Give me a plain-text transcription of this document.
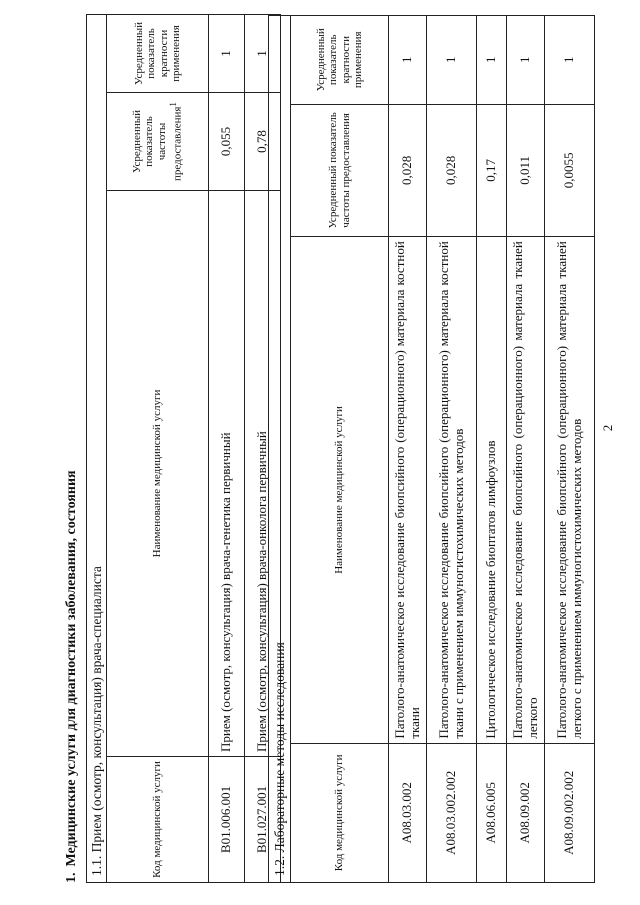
2
1.Медицинские услуги для диагностики заболевания, состояния 1.1. Прием (осмотр, консультация) врача-специалиста			
Код медицинской услуги	Наименование медицинской услуги	Усредненный показатель частоты предоставления$^1$	Усредненный показатель кратности применения
B01.006.001	Прием (осмотр, консультация) врача-генетика первичный	0,055	1
B01.027.001	Прием (осмотр, консультация) врача-онколога первичный	0,78	1
1.2. Лабораторные методы исследования			
Код медицинской услуги	Наименование медицинской услуги	Усредненный показатель частоты предоставления	Усредненный показатель кратности применения
A08.03.002	Патолого-анатомическое исследование биопсийного (операционного) материала костной ткани	0,028	1
A08.03.002.002	Патолого-анатомическое исследование биопсийного (операционного) материала костной ткани с применением иммуногистохимических методов	0,028	1
A08.06.005	Цитологическое исследование биоптатов лимфоузлов	0,17	1
A08.09.002	Патолого-анатомическое исследование биопсийного (операционного) материала тканей легкого	0,011	1
A08.09.002.002	Патолого-анатомическое исследование биопсийного (операционного) материала тканей легкого с применением иммуногистохимических методов	0,0055	1
